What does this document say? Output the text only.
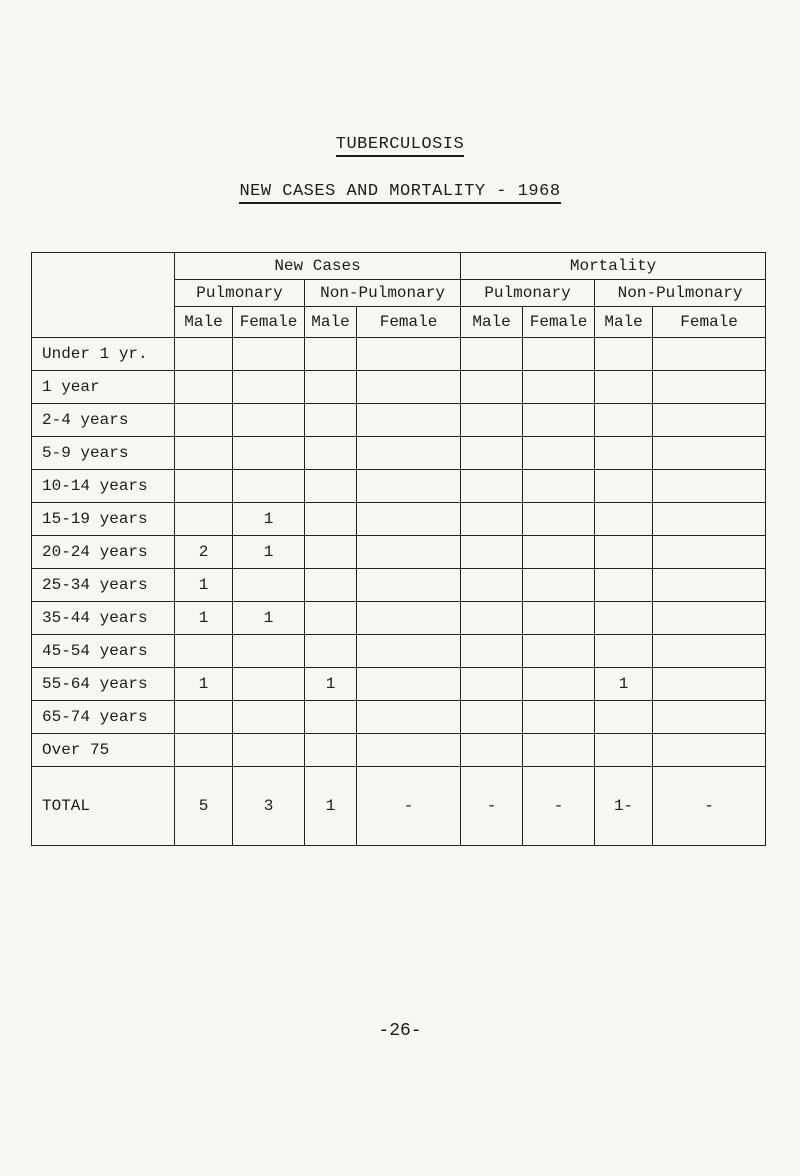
TUBERCULOSIS
NEW CASES AND MORTALITY - 1968
	New Cases				Mortality			
	Pulmonary		Non-Pulmonary		Pulmonary		Non-Pulmonary	
	Male	Female	Male	Female	Male	Female	Male	Female
Under 1 yr.								
1 year								
2-4 years								
5-9 years								
10-14 years								
15-19 years		1						
20-24 years	2	1						
25-34 years	1							
35-44 years	1	1						
45-54 years								
55-64 years	1		1				1	
65-74 years								
Over 75								
TOTAL	5	3	1	-	-	-	1-	-
-26-
